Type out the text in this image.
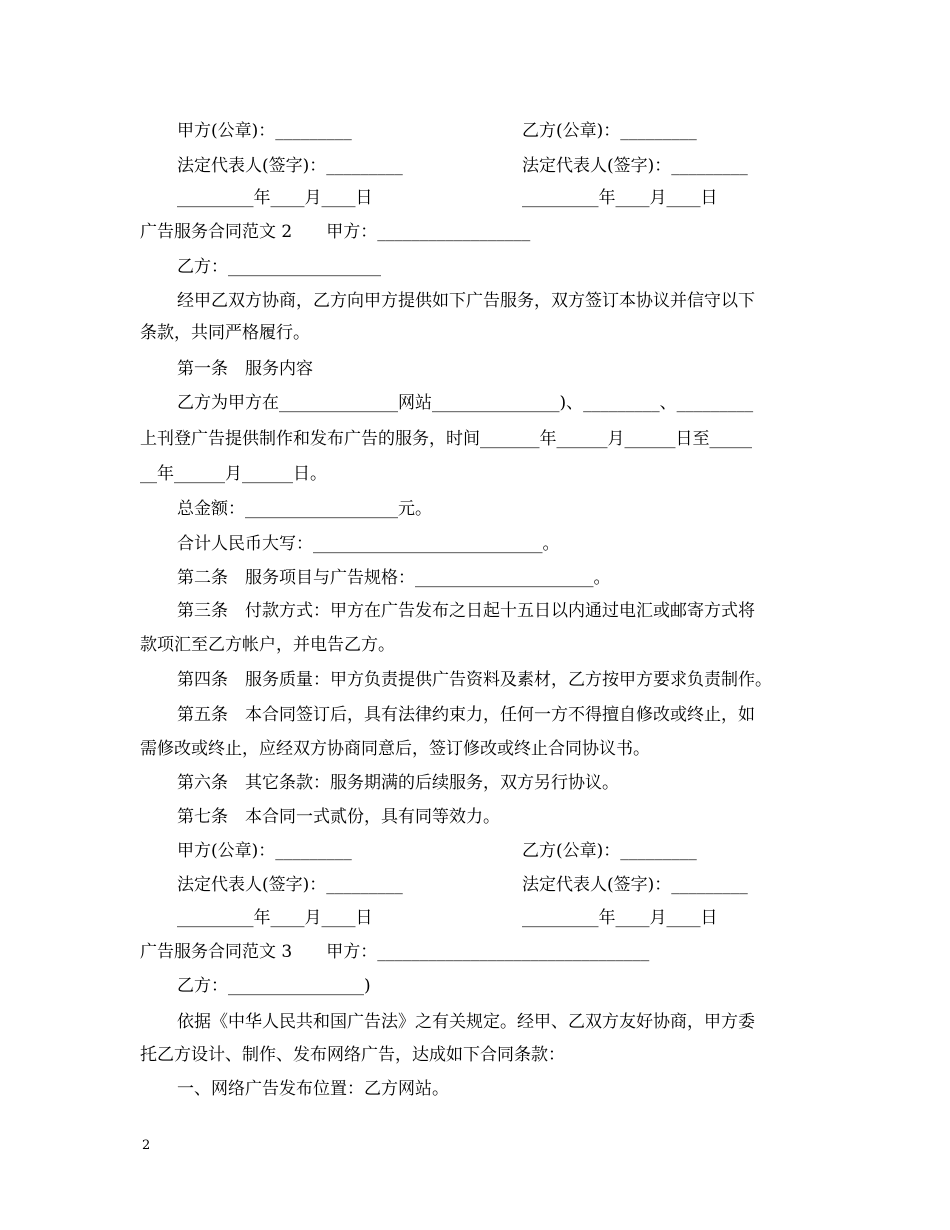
甲方(公章)：_________	乙方(公章)：_________
法定代表人(签字)：_________	法定代表人(签字)：_________
_________年____月____日	_________年____月____日
广告服务合同范文 2　　甲方：__________________
乙方：__________________
经甲乙双方协商，乙方向甲方提供如下广告服务，双方签订本协议并信守以下
条款，共同严格履行。
第一条　服务内容
乙方为甲方在______________网站_______________)、_________、_________
上刊登广告提供制作和发布广告的服务，时间_______年______月______日至_____
__年______月______日。
总金额：__________________元。
合计人民币大写：___________________________。
第二条　服务项目与广告规格：_____________________。
第三条　付款方式：甲方在广告发布之日起十五日以内通过电汇或邮寄方式将
款项汇至乙方帐户，并电告乙方。
第四条　服务质量：甲方负责提供广告资料及素材，乙方按甲方要求负责制作。
第五条　本合同签订后，具有法律约束力，任何一方不得擅自修改或终止，如
需修改或终止，应经双方协商同意后，签订修改或终止合同协议书。
第六条　其它条款：服务期满的后续服务，双方另行协议。
第七条　本合同一式贰份，具有同等效力。
甲方(公章)：_________	乙方(公章)：_________
法定代表人(签字)：_________	法定代表人(签字)：_________
_________年____月____日	_________年____月____日
广告服务合同范文 3　　甲方：________________________________
乙方：________________)
依据《中华人民共和国广告法》之有关规定。经甲、乙双方友好协商，甲方委
托乙方设计、制作、发布网络广告，达成如下合同条款：
一、网络广告发布位置：乙方网站。
2
